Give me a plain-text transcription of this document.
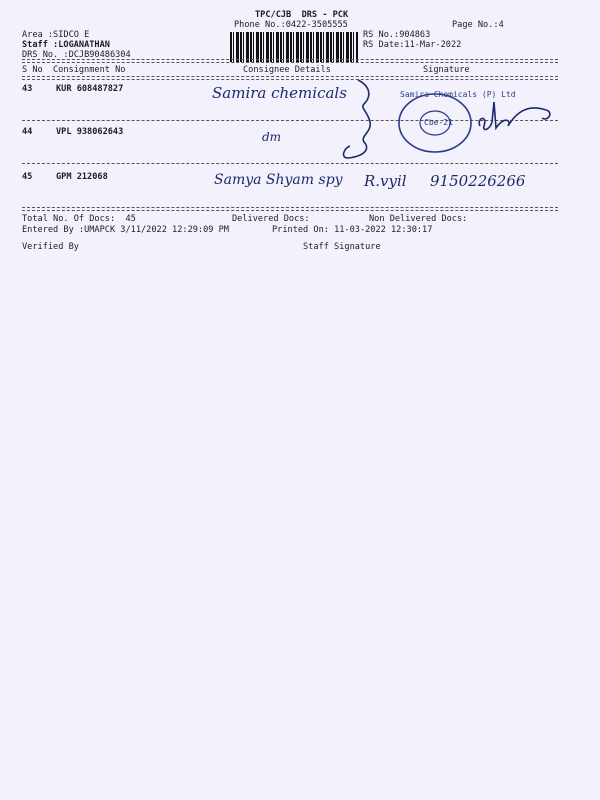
TPC/CJB  DRS - PCK
Phone No.:0422-3505555	Page No.:4
Area :SIDCO E
Staff :LOGANATHAN
DRS No. :DCJB90486304
RS No.:904863
RS Date:11-Mar-2022
S No Consignment No	Consignee Details	Signature
43	KUR 608487827	Samira chemicals
44	VPL 938062643	dm
45	GPM 212068	Samya Shyam spy R.vyil 9150226266
Samira Chemicals (P) Ltd
Cbe-21
Total No. Of Docs:  45	Delivered Docs:	Non Delivered Docs:
Entered By :UMAPCK 3/11/2022 12:29:09 PM	Printed On: 11-03-2022 12:30:17
Verified By	Staff Signature
